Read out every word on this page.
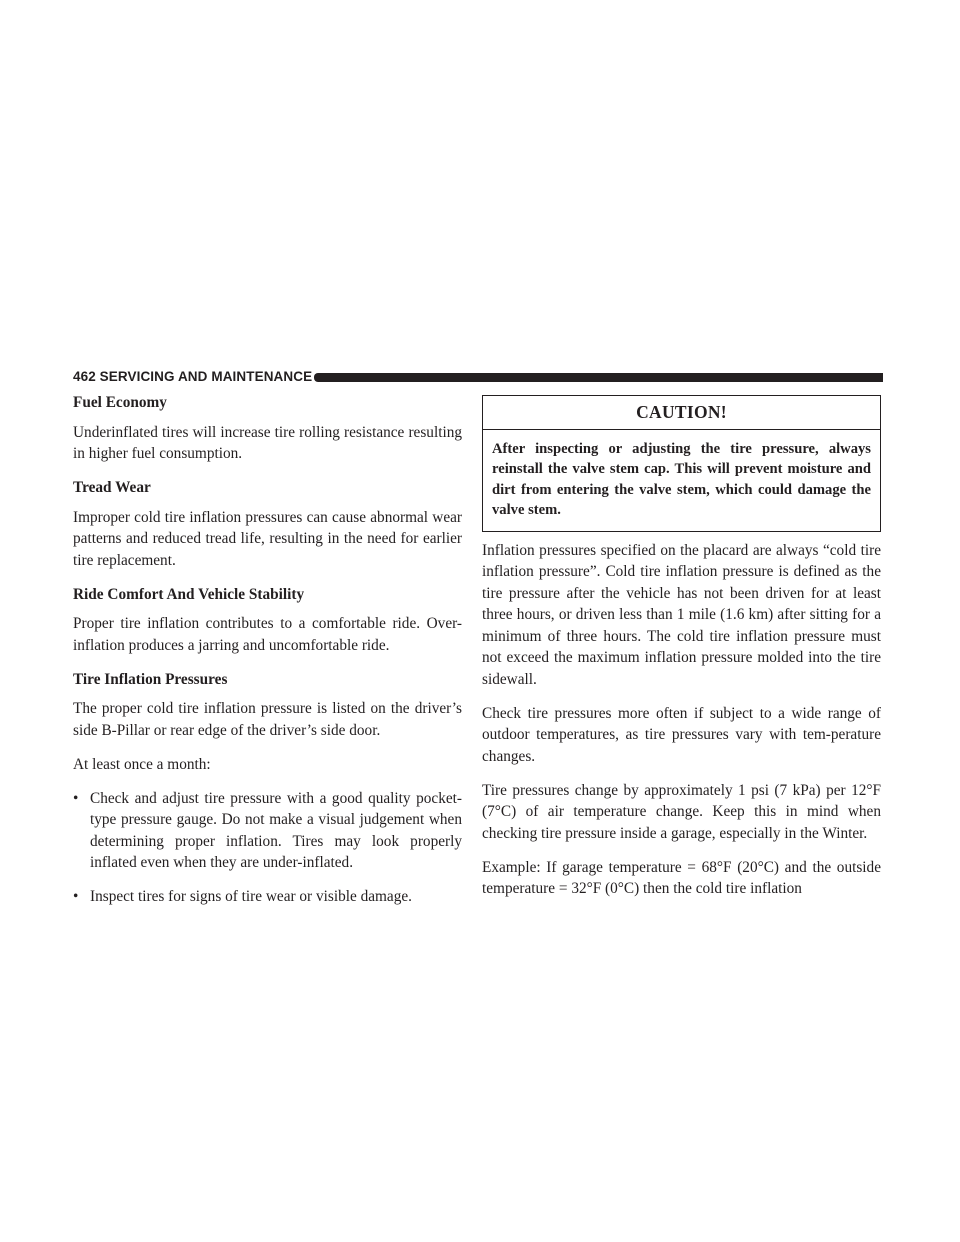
462 SERVICING AND MAINTENANCE
Fuel Economy

Underinflated tires will increase tire rolling resistance resulting in higher fuel consumption.

Tread Wear

Improper cold tire inflation pressures can cause abnormal wear patterns and reduced tread life, resulting in the need for earlier tire replacement.

Ride Comfort And Vehicle Stability

Proper tire inflation contributes to a comfortable ride. Over-inflation produces a jarring and uncomfortable ride.

Tire Inflation Pressures

The proper cold tire inflation pressure is listed on the driver’s side B-Pillar or rear edge of the driver’s side door.

At least once a month:

• Check and adjust tire pressure with a good quality pocket-type pressure gauge. Do not make a visual judgement when determining proper inflation. Tires may look properly inflated even when they are under-inflated.
• Inspect tires for signs of tire wear or visible damage.
CAUTION!

After inspecting or adjusting the tire pressure, always reinstall the valve stem cap. This will prevent moisture and dirt from entering the valve stem, which could damage the valve stem.

Inflation pressures specified on the placard are always “cold tire inflation pressure”. Cold tire inflation pressure is defined as the tire pressure after the vehicle has not been driven for at least three hours, or driven less than 1 mile (1.6 km) after sitting for a minimum of three hours. The cold tire inflation pressure must not exceed the maximum inflation pressure molded into the tire sidewall.

Check tire pressures more often if subject to a wide range of outdoor temperatures, as tire pressures vary with tem-perature changes.

Tire pressures change by approximately 1 psi (7 kPa) per 12°F (7°C) of air temperature change. Keep this in mind when checking tire pressure inside a garage, especially in the Winter.

Example: If garage temperature = 68°F (20°C) and the outside temperature = 32°F (0°C) then the cold tire inflation
